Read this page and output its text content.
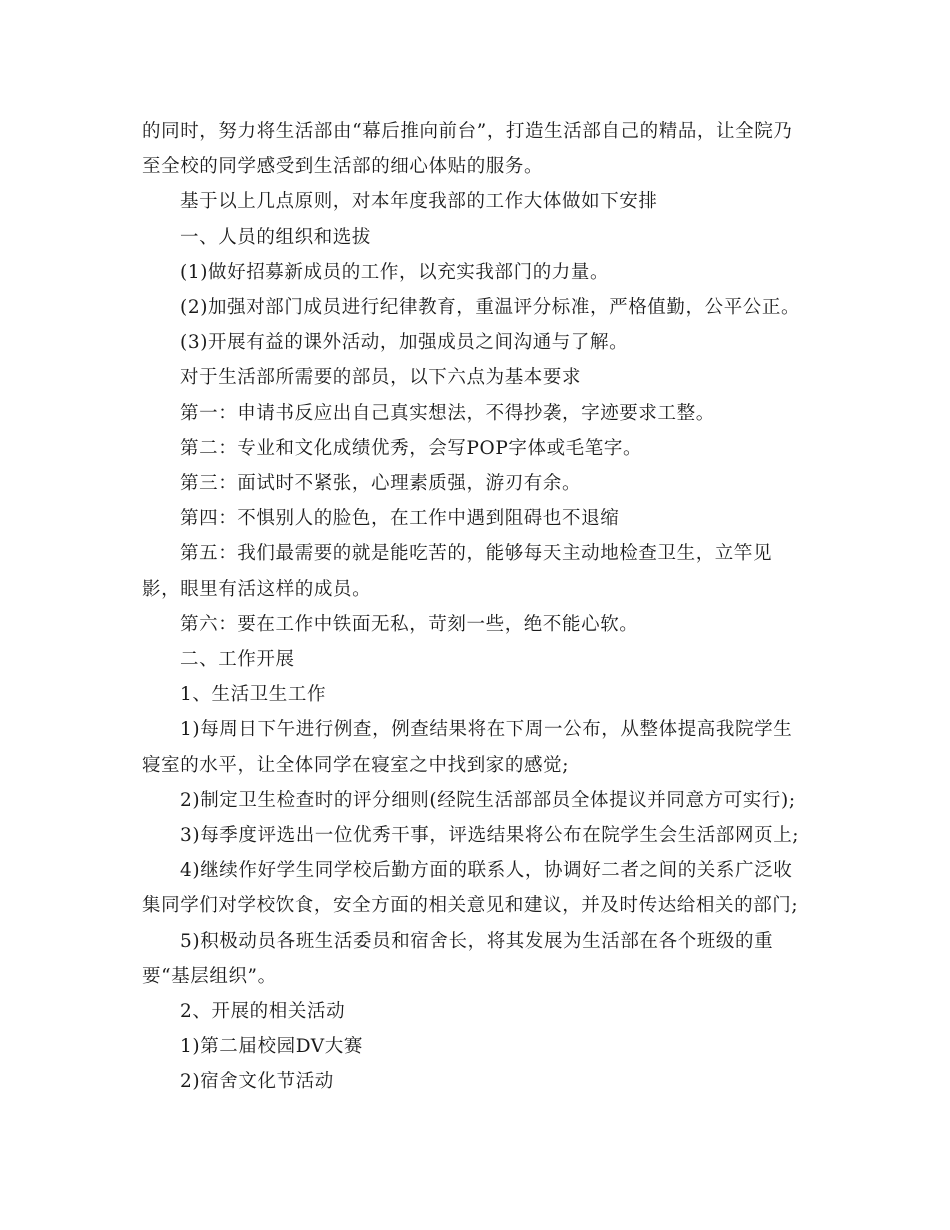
的同时，努力将生活部由“幕后推向前台”，打造生活部自己的精品，让全院乃至全校的同学感受到生活部的细心体贴的服务。

基于以上几点原则，对本年度我部的工作大体做如下安排

一、人员的组织和选拔

(1)做好招募新成员的工作，以充实我部门的力量。

(2)加强对部门成员进行纪律教育，重温评分标准，严格值勤，公平公正。

(3)开展有益的课外活动，加强成员之间沟通与了解。

对于生活部所需要的部员，以下六点为基本要求

第一：申请书反应出自己真实想法，不得抄袭，字迹要求工整。

第二：专业和文化成绩优秀，会写POP字体或毛笔字。

第三：面试时不紧张，心理素质强，游刃有余。

第四：不惧别人的脸色，在工作中遇到阻碍也不退缩

第五：我们最需要的就是能吃苦的，能够每天主动地检查卫生，立竿见影，眼里有活这样的成员。

第六：要在工作中铁面无私，苛刻一些，绝不能心软。

二、工作开展

1、生活卫生工作

1)每周日下午进行例查，例查结果将在下周一公布，从整体提高我院学生寝室的水平，让全体同学在寝室之中找到家的感觉;

2)制定卫生检查时的评分细则(经院生活部部员全体提议并同意方可实行);

3)每季度评选出一位优秀干事，评选结果将公布在院学生会生活部网页上;

4)继续作好学生同学校后勤方面的联系人，协调好二者之间的关系广泛收集同学们对学校饮食，安全方面的相关意见和建议，并及时传达给相关的部门;

5)积极动员各班生活委员和宿舍长，将其发展为生活部在各个班级的重要“基层组织”。

2、开展的相关活动

1)第二届校园DV大赛

2)宿舍文化节活动
